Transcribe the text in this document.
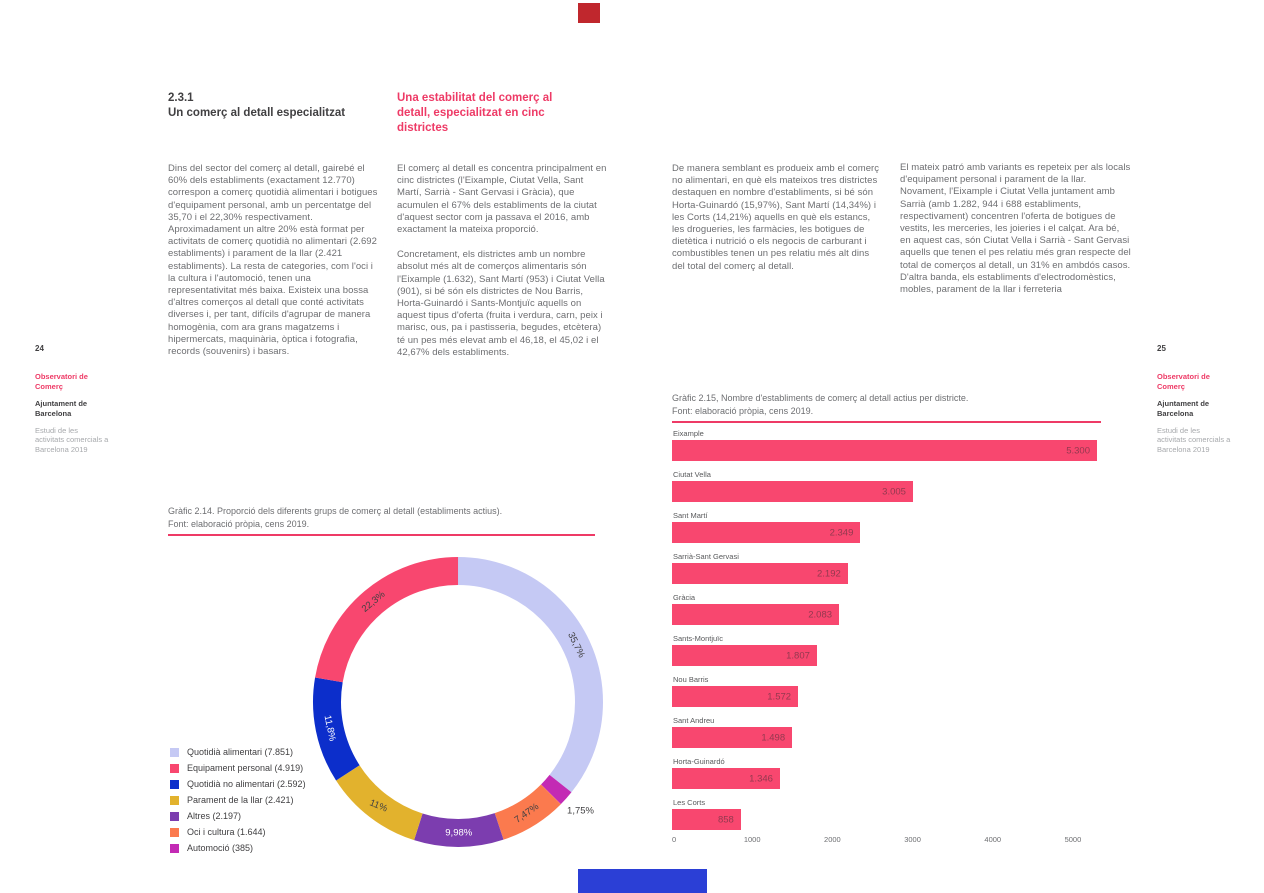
24
Observatori de Comerç
Ajuntament de Barcelona
Estudi de les activitats comercials a Barcelona 2019
25
Observatori de Comerç
Ajuntament de Barcelona
Estudi de les activitats comercials a Barcelona 2019
2.3.1
Un comerç al detall especialitzat
Una estabilitat del comerç al detall, especialitzat en cinc districtes

Dins del sector del comerç al detall, gairebé el 60% dels establiments (exactament 12.770) correspon a comerç quotidià alimentari i botigues d'equipament personal, amb un percentatge del 35,70 i el 22,30% respectivament. Aproximadament un altre 20% està format per activitats de comerç quotidià no alimentari (2.692 establiments) i parament de la llar (2.421 establiments). La resta de categories, com l'oci i la cultura i l'automoció, tenen una representativitat més baixa. Existeix una bossa d'altres comerços al detall que conté activitats diverses i, per tant, difícils d'agrupar de manera homogènia, com ara grans magatzems i hipermercats, maquinària, òptica i fotografia, records (souvenirs) i basars.

El comerç al detall es concentra principalment en cinc districtes (l'Eixample, Ciutat Vella, Sant Martí, Sarrià - Sant Gervasi i Gràcia), que acumulen el 67% dels establiments de la ciutat d'aquest sector com ja passava el 2016, amb exactament la mateixa proporció.

Concretament, els districtes amb un nombre absolut més alt de comerços alimentaris són l'Eixample (1.632), Sant Martí (953) i Ciutat Vella (901), si bé són els districtes de Nou Barris, Horta-Guinardó i Sants-Montjuïc aquells on aquest tipus d'oferta (fruita i verdura, carn, peix i marisc, ous, pa i pastisseria, begudes, etcètera) té un pes més elevat amb el 46,18, el 45,02 i el 42,67% dels establiments.

De manera semblant es produeix amb el comerç no alimentari, en què els mateixos tres districtes destaquen en nombre d'establiments, si bé són Horta-Guinardó (15,97%), Sant Martí (14,34%) i les Corts (14,21%) aquells en què els estancs, les drogueries, les farmàcies, les botigues de dietètica i nutrició o els negocis de carburant i combustibles tenen un pes relatiu més alt dins del total del comerç al detall.

El mateix patró amb variants es repeteix per als locals d'equipament personal i parament de la llar. Novament, l'Eixample i Ciutat Vella juntament amb Sarrià (amb 1.282, 944 i 688 establiments, respectivament) concentren l'oferta de botigues de vestits, les merceries, les joieries i el calçat. Ara bé, en aquest cas, són Ciutat Vella i Sarrià - Sant Gervasi aquells que tenen el pes relatiu més gran respecte del total de comerços al detall, un 31% en ambdós casos. D'altra banda, els establiments d'electrodomèstics, mobles, parament de la llar i ferreteria

Gràfic 2.14. Proporció dels diferents grups de comerç al detall (establiments actius).
Font: elaboració pròpia, cens 2019.
35,7%
1,75%
7,47%
9,98%
11%
11,8%
22,3%
Quotidià alimentari (7.851)
Equipament personal (4.919)
Quotidià no alimentari (2.592)
Parament de la llar (2.421)
Altres (2.197)
Oci i cultura (1.644)
Automoció (385)
Gràfic 2.15, Nombre d'establiments de comerç al detall actius per districte.
Font: elaboració pròpia, cens 2019.
Eixample
5.300
Ciutat Vella
3.005
Sant Martí
2.349
Sarrià-Sant Gervasi
2.192
Gràcia
2.083
Sants-Montjuïc
1.807
Nou Barris
1.572
Sant Andreu
1.498
Horta-Guinardó
1.346
Les Corts
858
0	1000	2000	3000	4000	5000
